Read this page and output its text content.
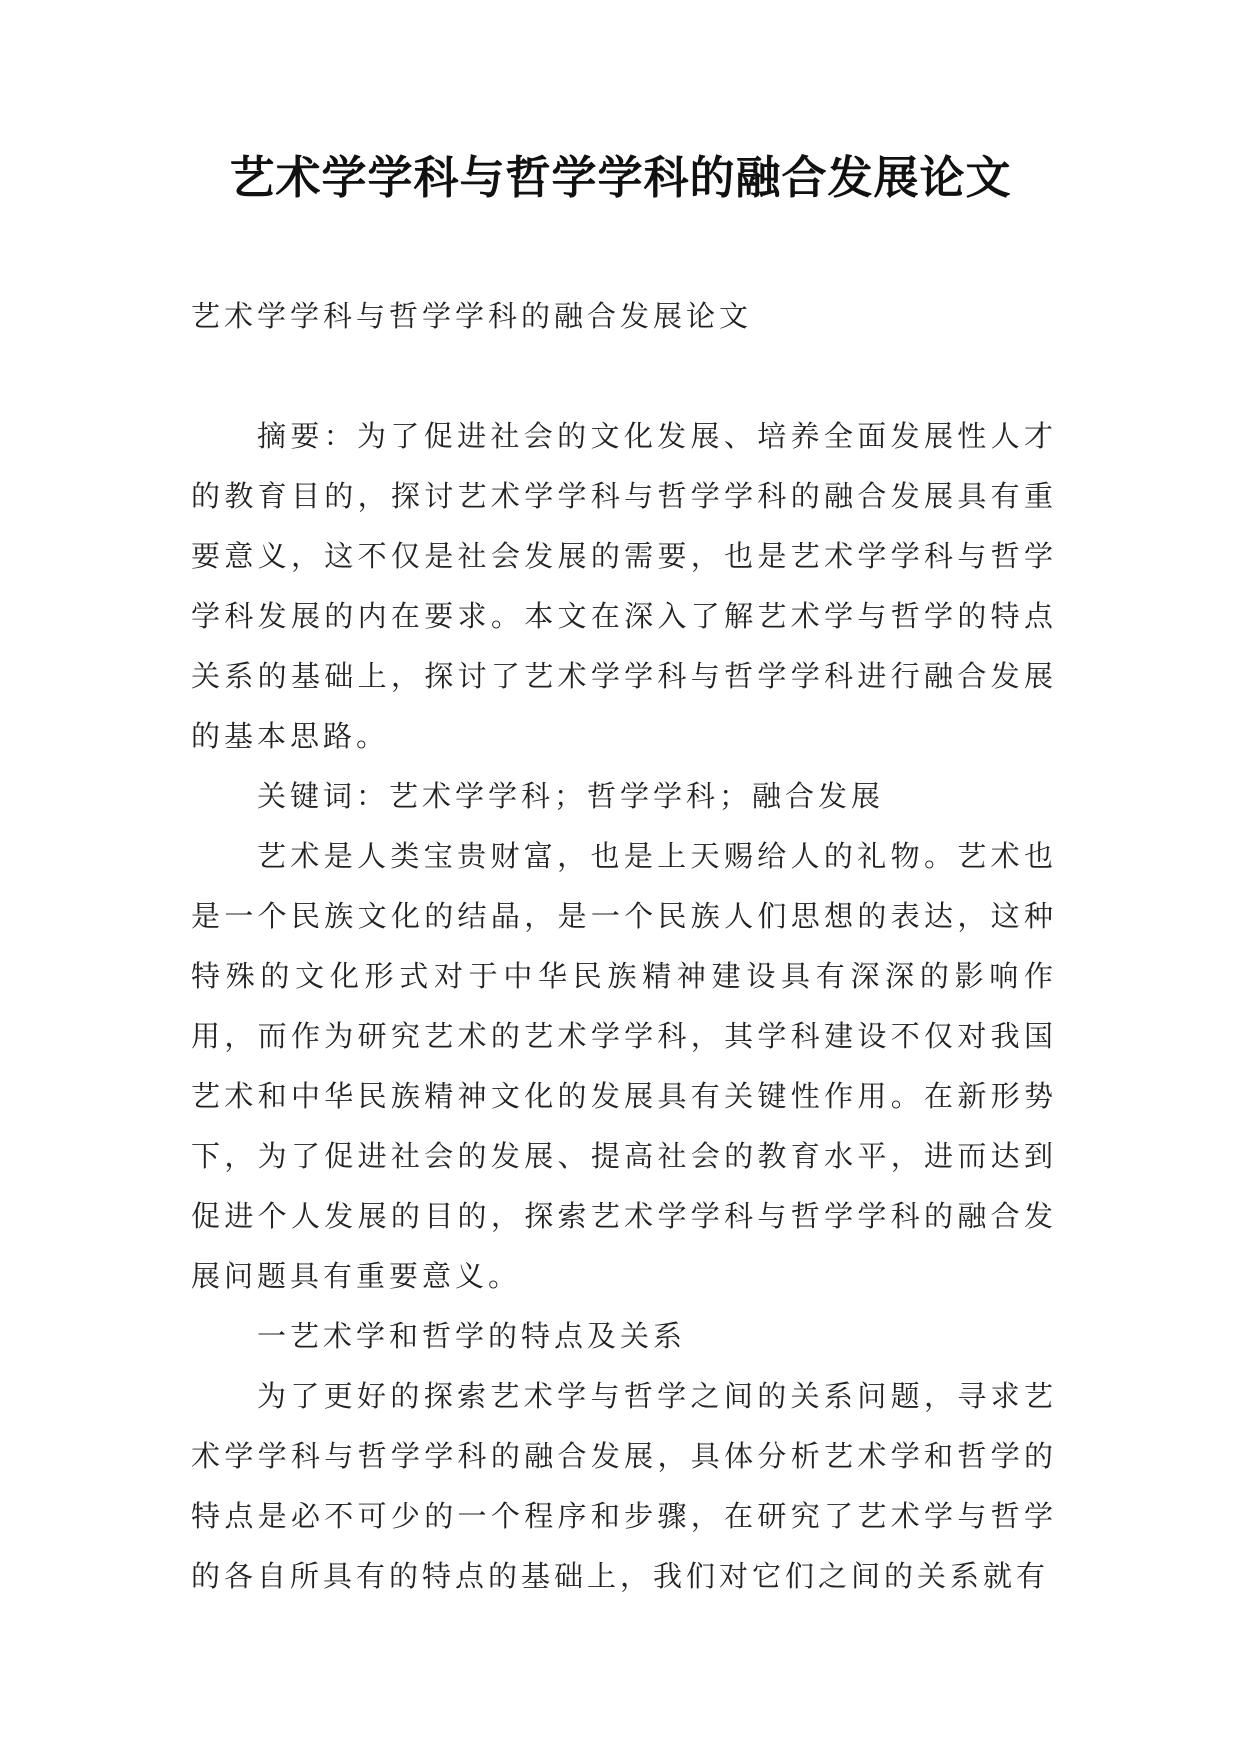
艺术学学科与哲学学科的融合发展论文

艺术学学科与哲学学科的融合发展论文

摘要：为了促进社会的文化发展、培养全面发展性人才的教育目的，探讨艺术学学科与哲学学科的融合发展具有重要意义，这不仅是社会发展的需要，也是艺术学学科与哲学学科发展的内在要求。本文在深入了解艺术学与哲学的特点关系的基础上，探讨了艺术学学科与哲学学科进行融合发展的基本思路。

关键词：艺术学学科；哲学学科；融合发展

艺术是人类宝贵财富，也是上天赐给人的礼物。艺术也是一个民族文化的结晶，是一个民族人们思想的表达，这种特殊的文化形式对于中华民族精神建设具有深深的影响作用，而作为研究艺术的艺术学学科，其学科建设不仅对我国艺术和中华民族精神文化的发展具有关键性作用。在新形势下，为了促进社会的发展、提高社会的教育水平，进而达到促进个人发展的目的，探索艺术学学科与哲学学科的融合发展问题具有重要意义。

一艺术学和哲学的特点及关系

为了更好的探索艺术学与哲学之间的关系问题，寻求艺术学学科与哲学学科的融合发展，具体分析艺术学和哲学的特点是必不可少的一个程序和步骤，在研究了艺术学与哲学的各自所具有的特点的基础上，我们对它们之间的关系就有
